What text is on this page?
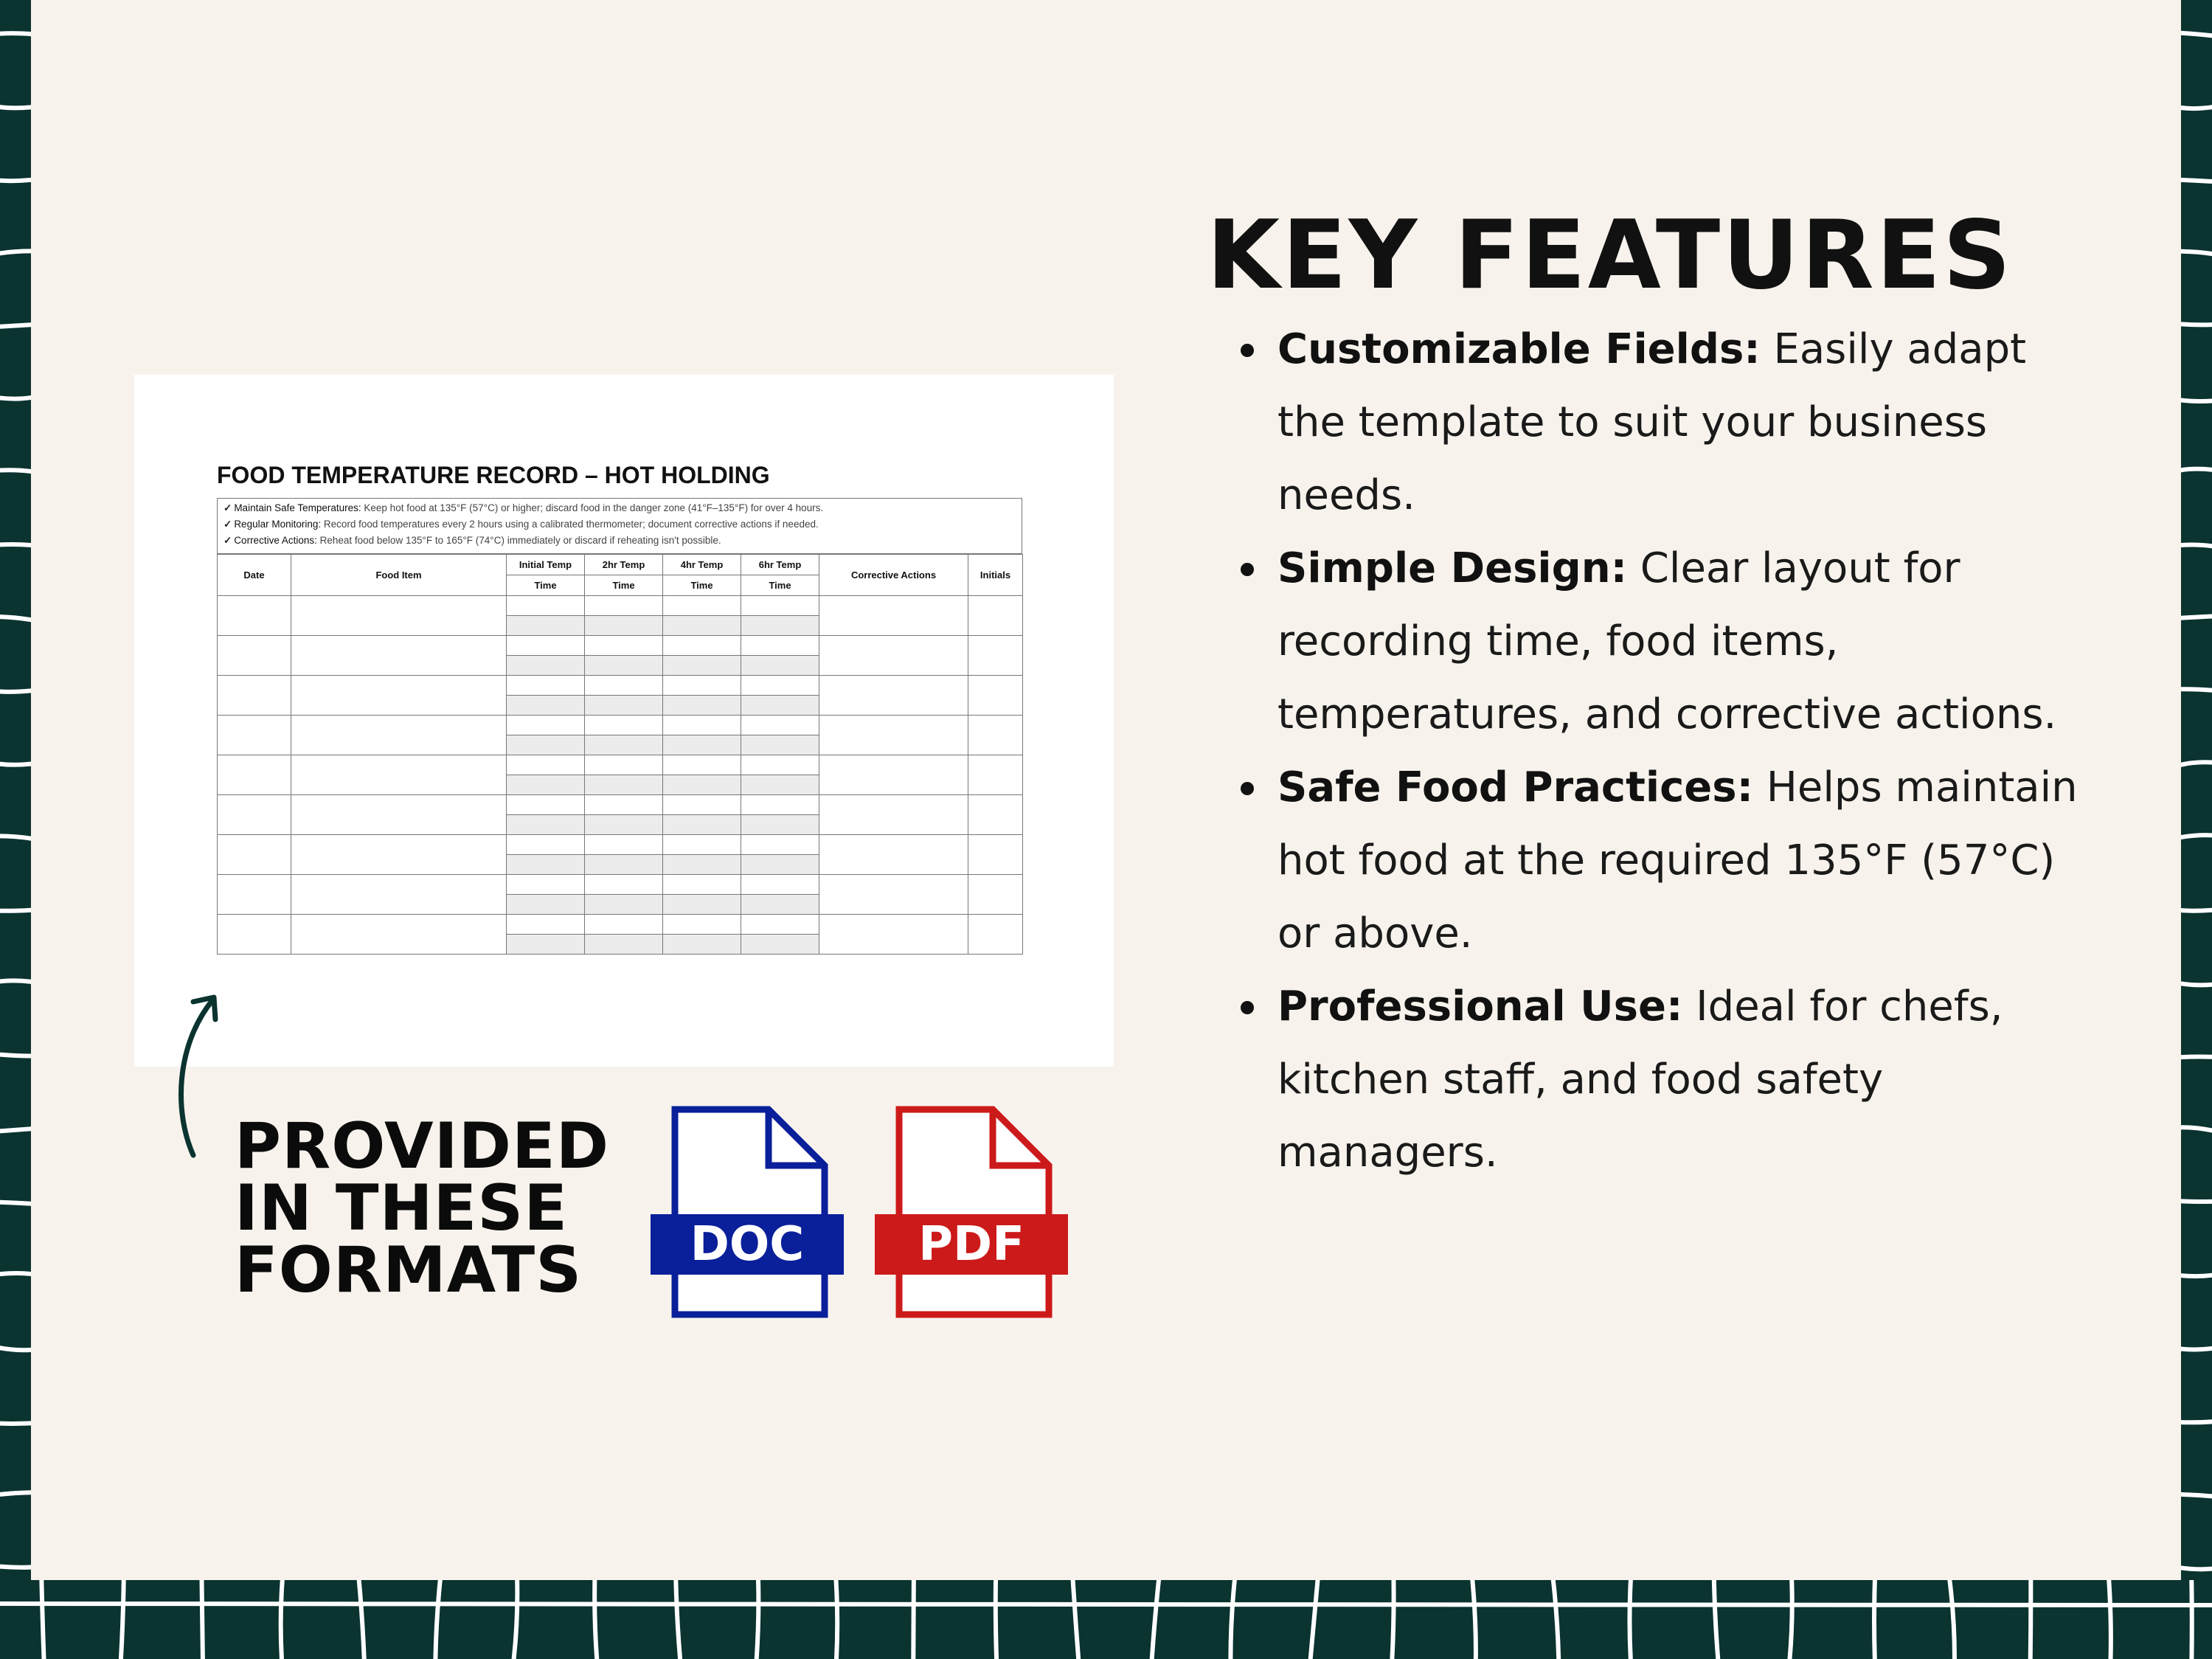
FOOD TEMPERATURE RECORD – HOT HOLDING
✓ Maintain Safe Temperatures: Keep hot food at 135°F (57°C) or higher; discard food in the danger zone (41°F–135°F) for over 4 hours.
✓ Regular Monitoring: Record food temperatures every 2 hours using a calibrated thermometer; document corrective actions if needed.
✓ Corrective Actions: Reheat food below 135°F to 165°F (74°C) immediately or discard if reheating isn't possible.
Date	Food Item	Initial Temp	2hr Temp	4hr Temp	6hr Temp	Corrective Actions	Initials
		Time	Time	Time	Time		

PROVIDED
IN THESE
FORMATS	DOC	PDF
KEY FEATURES
Customizable Fields: Easily adapt the template to suit your business needs.
Simple Design: Clear layout for recording time, food items, temperatures, and corrective actions.
Safe Food Practices: Helps maintain hot food at the required 135°F (57°C) or above.
Professional Use: Ideal for chefs, kitchen staff, and food safety managers.
